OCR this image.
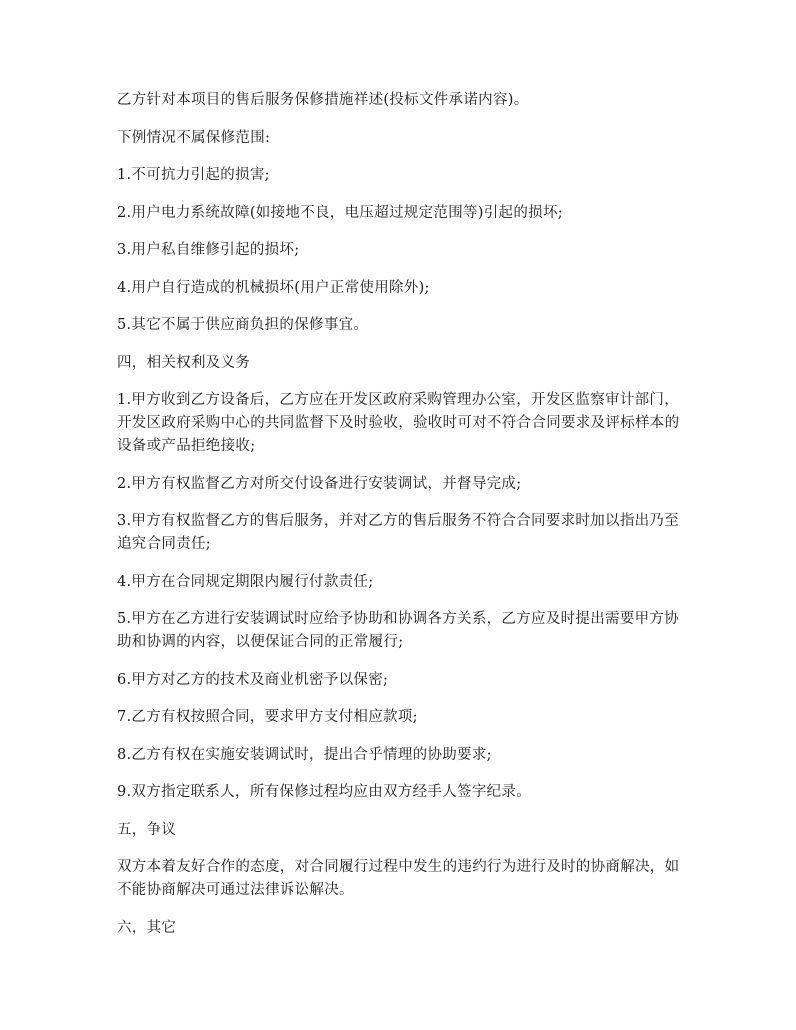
乙方针对本项目的售后服务保修措施祥述(投标文件承诺内容)。

下例情况不属保修范围:

1.不可抗力引起的损害;

2.用户电力系统故障(如接地不良，电压超过规定范围等)引起的损坏;

3.用户私自维修引起的损坏;

4.用户自行造成的机械损坏(用户正常使用除外);

5.其它不属于供应商负担的保修事宜。

四，相关权利及义务

1.甲方收到乙方设备后，乙方应在开发区政府采购管理办公室，开发区监察审计部门，开发区政府采购中心的共同监督下及时验收，验收时可对不符合合同要求及评标样本的设备或产品拒绝接收;

2.甲方有权监督乙方对所交付设备进行安装调试，并督导完成;

3.甲方有权监督乙方的售后服务，并对乙方的售后服务不符合合同要求时加以指出乃至追究合同责任;

4.甲方在合同规定期限内履行付款责任;

5.甲方在乙方进行安装调试时应给予协助和协调各方关系，乙方应及时提出需要甲方协助和协调的内容，以便保证合同的正常履行;

6.甲方对乙方的技术及商业机密予以保密;

7.乙方有权按照合同，要求甲方支付相应款项;

8.乙方有权在实施安装调试时，提出合乎情理的协助要求;

9.双方指定联系人，所有保修过程均应由双方经手人签字纪录。

五，争议

双方本着友好合作的态度，对合同履行过程中发生的违约行为进行及时的协商解决，如不能协商解决可通过法律诉讼解决。

六，其它
